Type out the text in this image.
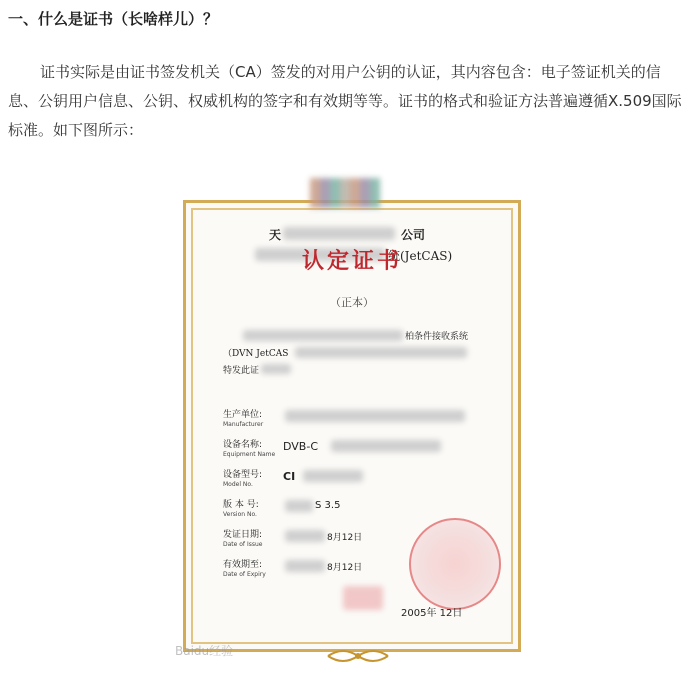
一、什么是证书（长啥样儿）？

证书实际是由证书签发机关（CA）签发的对用户公钥的认证，其内容包含：电子签证机关的信息、公钥用户信息、公钥、权威机构的签字和有效期等等。证书的格式和验证方法普遍遵循X.509国际标准。如下图所示：

天	公司
统(JetCAS)
认定证书
（正本）
柏条件接收系统
（DVN JetCAS
特发此证
生产单位:
Manufacturer
设备名称:
Equipment Name
DVB-C
设备型号:
Model No.
CI
版 本 号:
Version No.
S 3.5
发证日期:
Date of Issue
8月12日
有效期至:
Date of Expiry
8月12日
2005年 12日
Baidu经验
